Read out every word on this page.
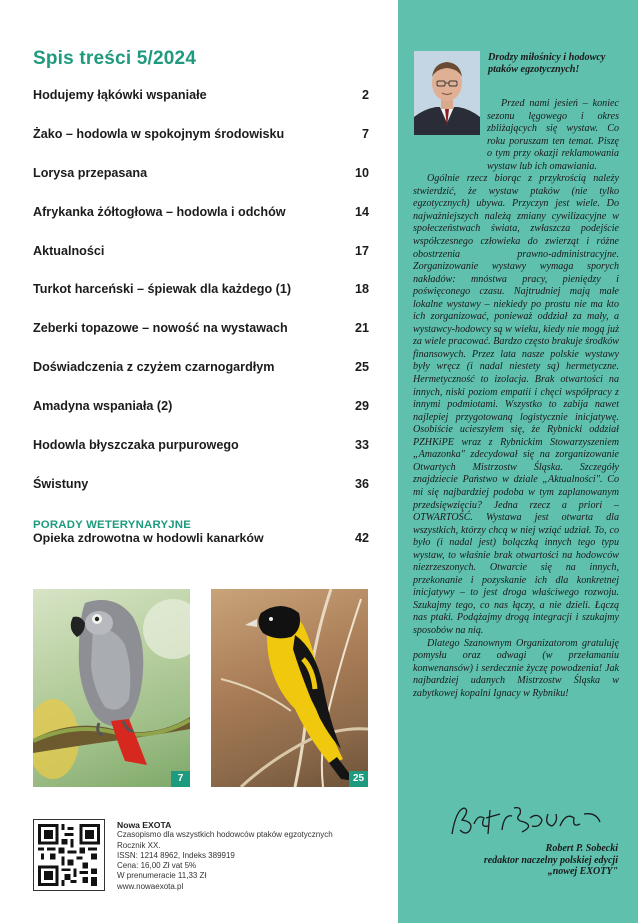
Spis treści 5/2024
Hodujemy łąkówki wspaniałe	2
Żako – hodowla w spokojnym środowisku	7
Lorysa przepasana	10
Afrykanka żółtogłowa – hodowla i odchów	14
Aktualności	17
Turkot harceński – śpiewak dla każdego (1)	18
Zeberki topazowe – nowość na wystawach	21
Doświadczenia z czyżem czarnogardłym	25
Amadyna wspaniała (2)	29
Hodowla błyszczaka purpurowego	33
Świstuny	36
PORADY WETERYNARYJNE
Opieka zdrowotna w hodowli kanarków	42
7	25
Nowa EXOTA
Czasopismo dla wszystkich hodowców ptaków egzotycznych
Rocznik XX.
ISSN: 1214 8962, Indeks 389919
Cena: 16,00 Zł vat 5%
W prenumeracie 11,33 Zł
www.nowaexota.pl
Drodzy miłośnicy i hodowcy ptaków egzotycznych!

Przed nami jesień – koniec sezonu lęgowego i okres zbliżających się wystaw. Co roku poruszam ten temat. Piszę o tym przy okazji reklamowania wystaw lub ich omawiania.

Ogólnie rzecz biorąc z przykrością należy stwierdzić, że wystaw ptaków (nie tylko egzotycznych) ubywa. Przyczyn jest wiele. Do najważniejszych należą zmiany cywilizacyjne w społeczeństwach świata, zwłaszcza podejście współczesnego człowieka do zwierząt i różne obostrzenia prawno-administracyjne. Zorganizowanie wystawy wymaga sporych nakładów: mnóstwa pracy, pieniędzy i poświęconego czasu. Najtrudniej mają małe lokalne wystawy – niekiedy po prostu nie ma kto ich zorganizować, ponieważ oddział za mały, a wystawcy-hodowcy są w wieku, kiedy nie mogą już za wiele pracować. Bardzo często brakuje środków finansowych. Przez lata nasze polskie wystawy były wręcz (i nadal niestety są) hermetyczne. Hermetyczność to izolacja. Brak otwartości na innych, niski poziom empatii i chęci współpracy z innymi podmiotami. Wszystko to zabija nawet najlepiej przygotowaną logistycznie inicjatywę. Osobiście ucieszyłem się, że Rybnicki oddział PZHKiPE wraz z Rybnickim Stowarzyszeniem „Amazonka" zdecydował się na zorganizowanie Otwartych Mistrzostw Śląska. Szczegóły znajdziecie Państwo w dziale „Aktualności". Co mi się najbardziej podoba w tym zaplanowanym przedsięwzięciu? Jedna rzecz a priori – OTWARTOŚĆ. Wystawa jest otwarta dla wszystkich, którzy chcą w niej wziąć udział. To, co było (i nadal jest) bolączką innych tego typu wystaw, to właśnie brak otwartości na hodowców niezrzeszonych. Otwarcie się na innych, przekonanie i pozyskanie ich dla konkretnej inicjatywy – to jest droga właściwego rozwoju. Szukajmy tego, co nas łączy, a nie dzieli. Łączą nas ptaki. Podążajmy drogą integracji i szukajmy sposobów na nią.

Dlatego Szanownym Organizatorom gratuluję pomysłu oraz odwagi (w przełamaniu konwenansów) i serdecznie życzę powodzenia! Jak najbardziej udanych Mistrzostw Śląska w zabytkowej kopalni Ignacy w Rybniku!

Robert P. Sobecki
redaktor naczelny polskiej edycji
„nowej EXOTY"
